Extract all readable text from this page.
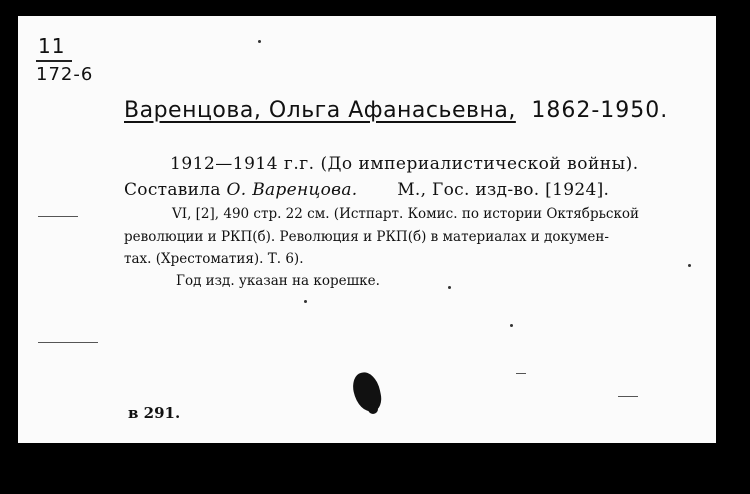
11
172-6
Варенцова, Ольга Афанасьевна, 1862-1950.
1912—1914 г.г. (До империалистической войны).
Составила О. Варенцова. М., Гос. изд-во. [1924].
VI, [2], 490 стр. 22 см. (Истпарт. Комис. по истории Октябрьской
революции и РКП(б). Революция и РКП(б) в материалах и докумен-
тах. (Хрестоматия). Т. 6).
Год изд. указан на корешке.
в 291.
